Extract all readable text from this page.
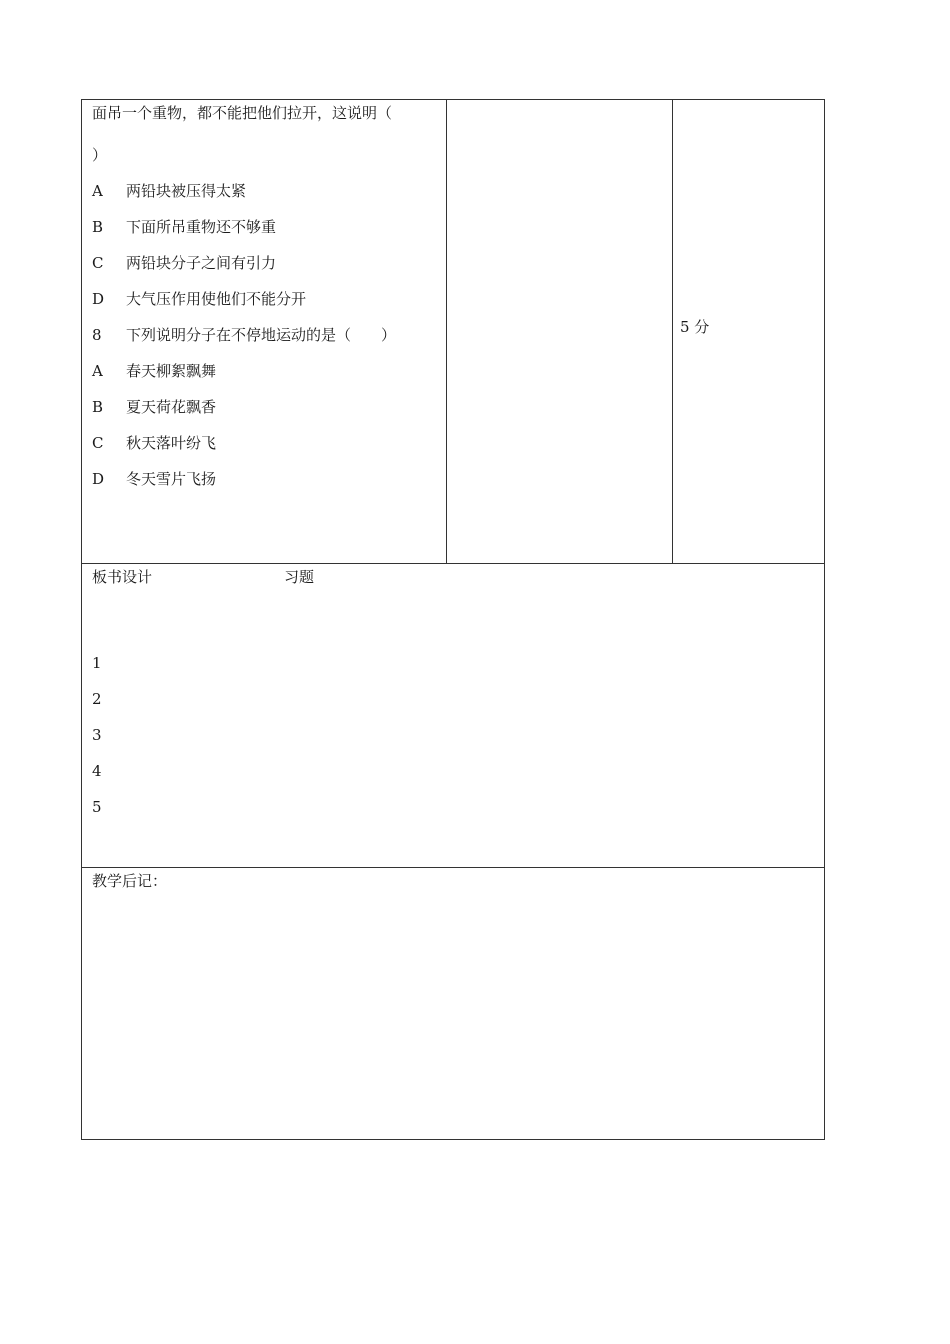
面吊一个重物，都不能把他们拉开，这说明（
）
A 两铅块被压得太紧
B 下面所吊重物还不够重
C 两铅块分子之间有引力
D 大气压作用使他们不能分开
8 下列说明分子在不停地运动的是（　　）
A 春天柳絮飘舞
B 夏天荷花飘香
C 秋天落叶纷飞
D 冬天雪片飞扬
5 分
板书设计	习题
1
2
3
4
5
教学后记：
